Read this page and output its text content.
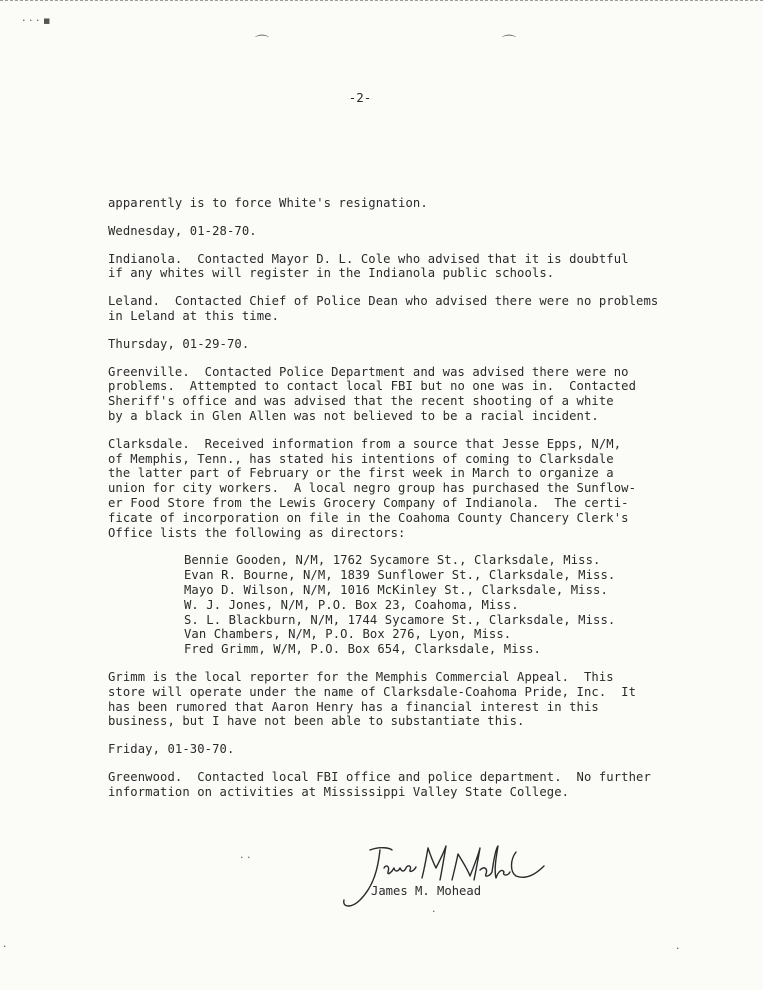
· · · ▪
⌒	⌒
-2-
apparently is to force White's resignation.
Wednesday, 01-28-70.
Indianola.  Contacted Mayor D. L. Cole who advised that it is doubtful
if any whites will register in the Indianola public schools.
Leland.  Contacted Chief of Police Dean who advised there were no problems
in Leland at this time.
Thursday, 01-29-70.
Greenville.  Contacted Police Department and was advised there were no
problems.  Attempted to contact local FBI but no one was in.  Contacted
Sheriff's office and was advised that the recent shooting of a white
by a black in Glen Allen was not believed to be a racial incident.
Clarksdale.  Received information from a source that Jesse Epps, N/M,
of Memphis, Tenn., has stated his intentions of coming to Clarksdale
the latter part of February or the first week in March to organize a
union for city workers.  A local negro group has purchased the Sunflow-
er Food Store from the Lewis Grocery Company of Indianola.  The certi-
ficate of incorporation on file in the Coahoma County Chancery Clerk's
Office lists the following as directors:
Bennie Gooden, N/M, 1762 Sycamore St., Clarksdale, Miss.
Evan R. Bourne, N/M, 1839 Sunflower St., Clarksdale, Miss.
Mayo D. Wilson, N/M, 1016 McKinley St., Clarksdale, Miss.
W. J. Jones, N/M, P.O. Box 23, Coahoma, Miss.
S. L. Blackburn, N/M, 1744 Sycamore St., Clarksdale, Miss.
Van Chambers, N/M, P.O. Box 276, Lyon, Miss.
Fred Grimm, W/M, P.O. Box 654, Clarksdale, Miss.
Grimm is the local reporter for the Memphis Commercial Appeal.  This
store will operate under the name of Clarksdale-Coahoma Pride, Inc.  It
has been rumored that Aaron Henry has a financial interest in this
business, but I have not been able to substantiate this.
Friday, 01-30-70.
Greenwood.  Contacted local FBI office and police department.  No further
information on activities at Mississippi Valley State College.
James M. Mohead
· ·
·
·
·
